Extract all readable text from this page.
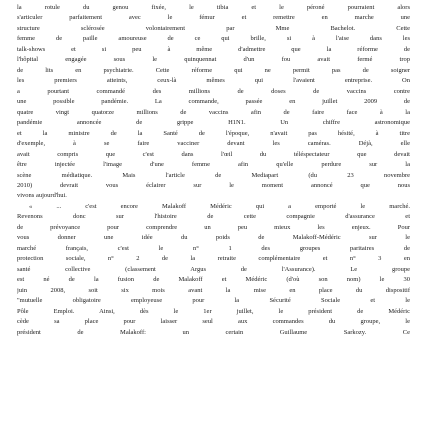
la rotule du genou fixée, le tibia et le péroné pourraient alors
s'articuler parfaitement avec le fémur et remettre en marche une
structure sclérosée volontairement par Mme Bachelot. Cette
femme de paille amoureuse de ce qui brille, si à l'aise dans les
talk-shows et si peu à même d'admettre que la réforme de
l'hôpital engagée sous le quinquennat d'un fou avait fermé trop
de lits en psychiatrie. Cette réforme qui ne permit pas de soigner
les premiers atteints, ceux-là mêmes qui l'avaient entreprise. On
a pourtant commandé des millions de doses de vaccins contre
une possible pandémie. La commande, passée en juillet 2009 de
quatre vingt quatorze millions de vaccins afin de faire face à la
pandémie annoncée de grippe H1N1. Un chiffre astronomique
et la ministre de la Santé de l'époque, n'avait pas hésité, à titre
d'exemple, à se faire vacciner devant les caméras. Déjà, elle
avait compris que c'est dans l'œil du téléspectateur que devait
être injectée l'image d'une femme afin qu'elle perdure sur la
scène médiatique. Mais l'article de Mediapart (du 23 novembre
2010) devrait vous éclairer sur le moment annoncé que nous
vivons aujourd'hui.
« ... c'est encore Malakoff Médéric qui a emporté le marché.
Revenons donc sur l'histoire de cette compagnie d'assurance et
de prévoyance pour comprendre un peu mieux les enjeux. Pour
vous donner une idée du poids de Malakoff-Médéric sur le
marché français, c'est le n° 1 des groupes paritaires de
protection sociale, n° 2 de la retraite complémentaire et n° 3 en
santé collective (classement Argus de l'Assurance). Le groupe
est né de la fusion de Malakoff et Médéric (d'où son nom) le 30
juin 2008, soit six mois avant la mise en place du dispositif
"mutuelle obligatoire employeuse pour la Sécurité Sociale et le
Pôle Emploi. Ainsi, dès le 1er juillet, le président de Médéric
cède sa place pour laisser seul aux commandes du groupe, le
président de Malakoff: un certain Guillaume Sarkozy. Ce
